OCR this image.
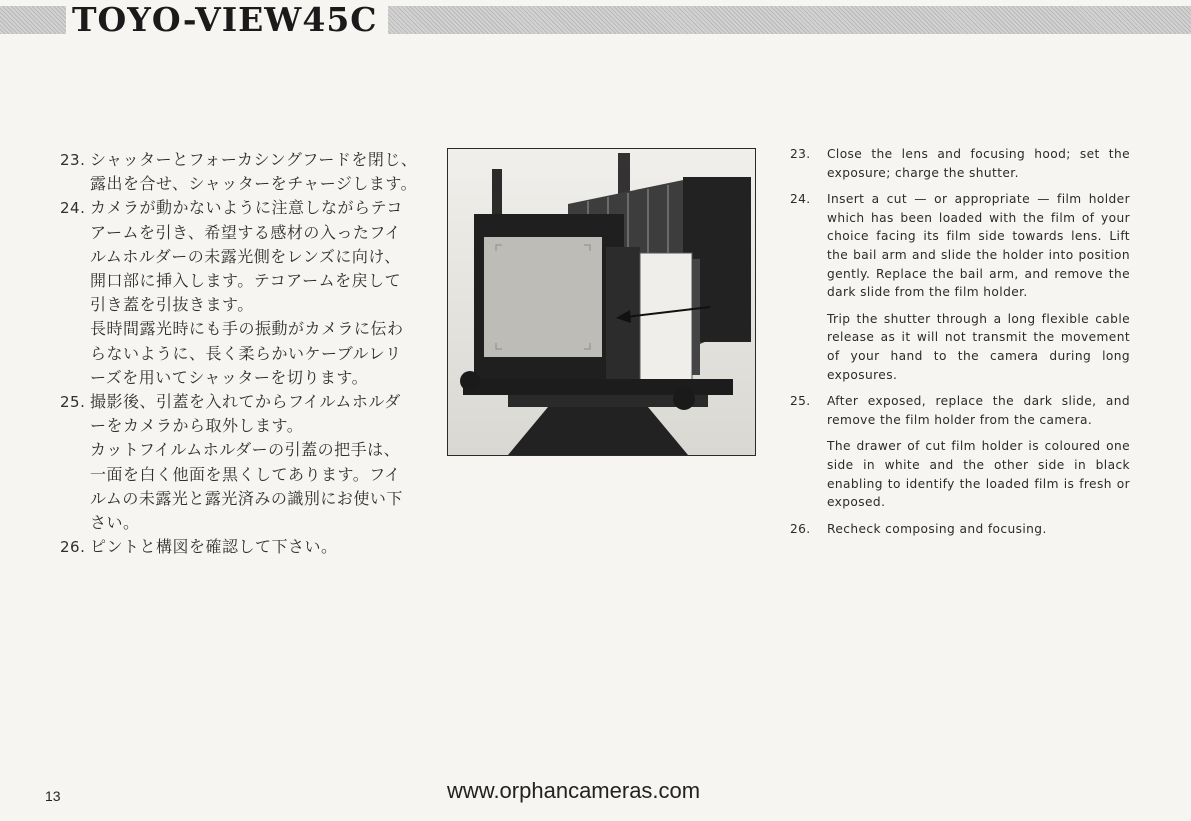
TOYO-VIEW45C
23. シャッターとフォーカシングフードを閉じ、
露出を合せ、シャッターをチャージします。
24. カメラが動かないように注意しながらテコ
アームを引き、希望する感材の入ったフイ
ルムホルダーの未露光側をレンズに向け、
開口部に挿入します。テコアームを戻して
引き蓋を引抜きます。
長時間露光時にも手の振動がカメラに伝わ
らないように、長く柔らかいケーブルレリ
ーズを用いてシャッターを切ります。
25. 撮影後、引蓋を入れてからフイルムホルダ
ーをカメラから取外します。
カットフイルムホルダーの引蓋の把手は、
一面を白く他面を黒くしてあります。フイ
ルムの未露光と露光済みの識別にお使い下
さい。
26. ピントと構図を確認して下さい。
23.	Close the lens and focusing hood; set the exposure; charge the shutter.
24.	Insert a cut — or appropriate — film holder which has been loaded with the film of your choice facing its film side towards lens. Lift the bail arm and slide the holder into position gently. Replace the bail arm, and remove the dark slide from the film holder.
Trip the shutter through a long flexible cable release as it will not transmit the movement of your hand to the camera during long exposures.
25.	After exposed, replace the dark slide, and remove the film holder from the camera.
The drawer of cut film holder is coloured one side in white and the other side in black enabling to identify the loaded film is fresh or exposed.
26.	Recheck composing and focusing.
13	www.orphancameras.com
